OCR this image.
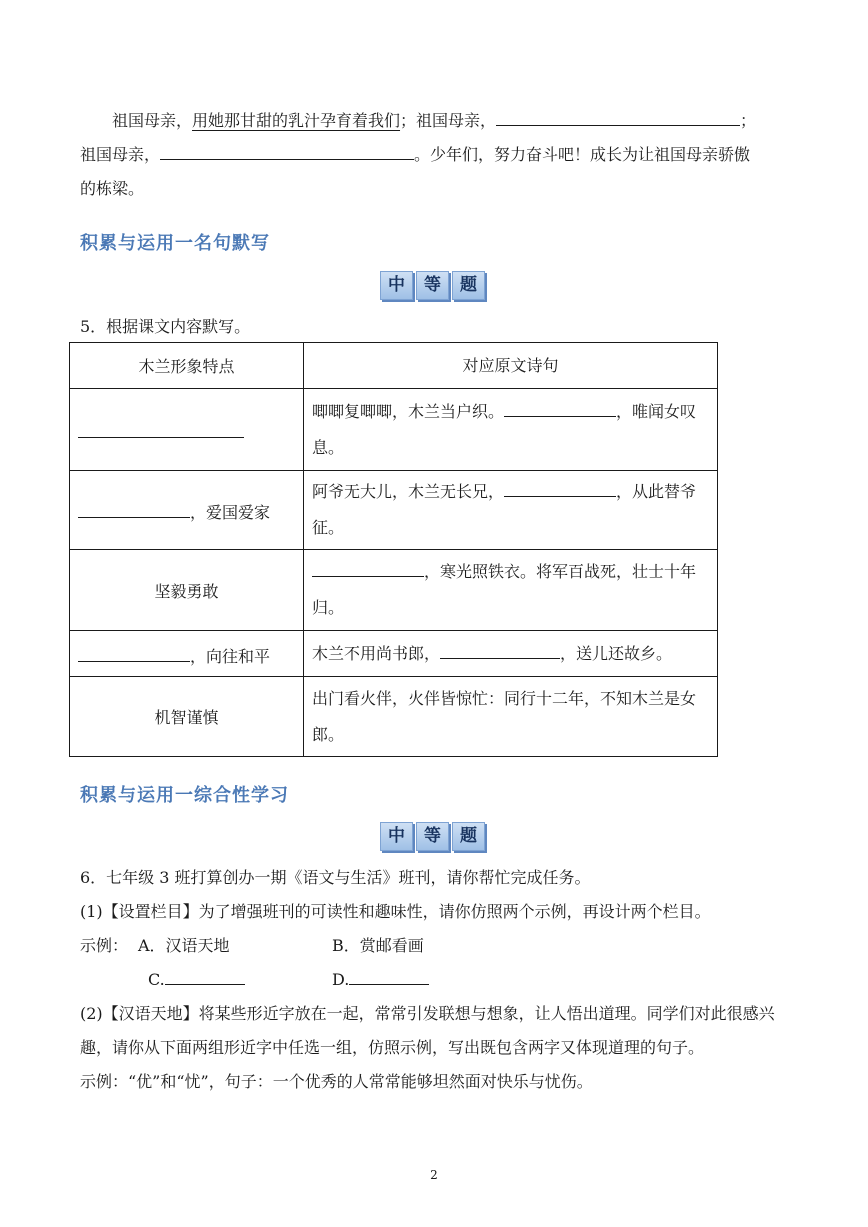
祖国母亲，用她那甘甜的乳汁孕育着我们；祖国母亲，	；

祖国母亲，	。少年们，努力奋斗吧！成长为让祖国母亲骄傲

的栋梁。

积累与运用一名句默写
中	等	题
5．根据课文内容默写。
木兰形象特点	对应原文诗句
	唧唧复唧唧，木兰当户织。 ，唯闻女叹息。
，爱国爱家	阿爷无大儿，木兰无长兄， ，从此替爷征。
坚毅勇敢	，寒光照铁衣。将军百战死，壮士十年归。
，向往和平	木兰不用尚书郎， ，送儿还故乡。
机智谨慎	出门看火伴，火伴皆惊忙：同行十二年，不知木兰是女郎。
积累与运用一综合性学习
中	等	题
6．七年级 3 班打算创办一期《语文与生活》班刊，请你帮忙完成任务。
(1)【设置栏目】为了增强班刊的可读性和趣味性，请你仿照两个示例，再设计两个栏目。
示例： A．汉语天地	B．赏邮看画
C.	D.
(2)【汉语天地】将某些形近字放在一起，常常引发联想与想象，让人悟出道理。同学们对此很感兴趣，请你从下面两组形近字中任选一组，仿照示例，写出既包含两字又体现道理的句子。
示例：“优”和“忧”，句子：一个优秀的人常常能够坦然面对快乐与忧伤。
2
